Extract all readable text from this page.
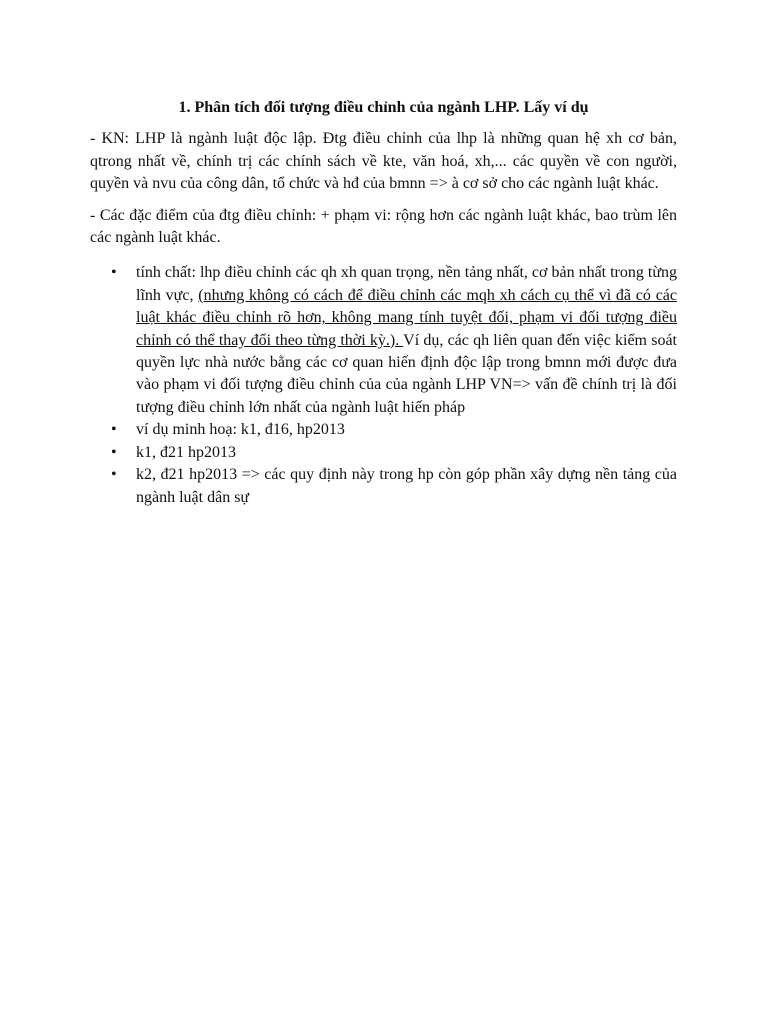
1. Phân tích đối tượng điều chỉnh của ngành LHP. Lấy ví dụ

- KN: LHP là ngành luật độc lập. Đtg điều chỉnh của lhp là những quan hệ xh cơ bản, qtrong nhất về, chính trị các chính sách về kte, văn hoá, xh,... các quyền về con người, quyền và nvu của công dân, tổ chức và hđ của bmnn => à cơ sở cho các ngành luật khác.

- Các đặc điểm của đtg điều chỉnh: + phạm vi: rộng hơn các ngành luật khác, bao trùm lên các ngành luật khác.

• tính chất: lhp điều chỉnh các qh xh quan trọng, nền tảng nhất, cơ bản nhất trong từng lĩnh vực, (nhưng không có cách để điều chỉnh các mqh xh cách cụ thể vì đã có các luật khác điều chỉnh rõ hơn, không mang tính tuyệt đối, phạm vi đối tượng điều chỉnh có thể thay đổi theo từng thời kỳ.). Ví dụ, các qh liên quan đến việc kiểm soát quyền lực nhà nước bằng các cơ quan hiến định độc lập trong bmnn mới được đưa vào phạm vi đối tượng điều chỉnh của của ngành LHP VN=> vấn đề chính trị là đối tượng điều chỉnh lớn nhất của ngành luật hiến pháp
• ví dụ minh hoạ: k1, đ16, hp2013
• k1, đ21 hp2013
• k2, đ21 hp2013 => các quy định này trong hp còn góp phần xây dựng nền tảng của ngành luật dân sự
